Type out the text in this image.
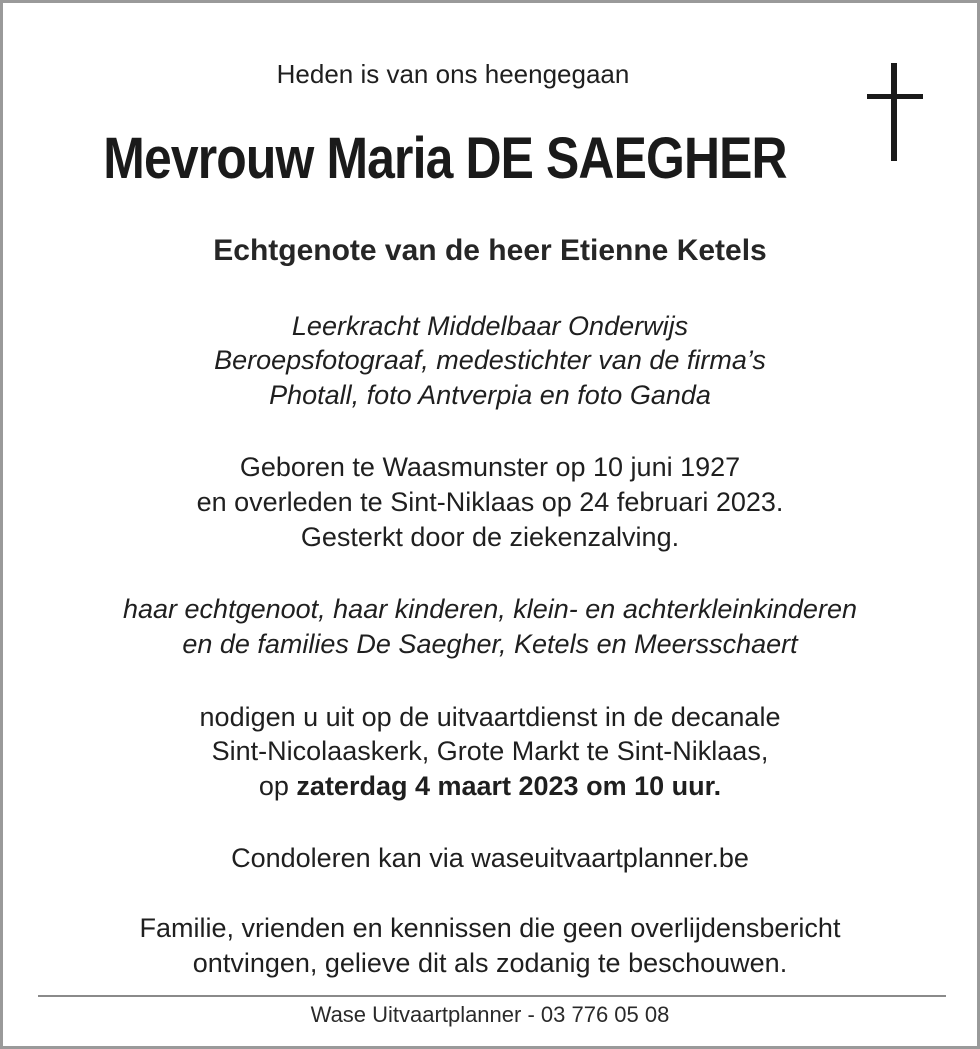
Heden is van ons heengegaan
Mevrouw Maria DE SAEGHER
Echtgenote van de heer Etienne Ketels
Leerkracht Middelbaar Onderwijs
Beroepsfotograaf, medestichter van de firma’s
Photall, foto Antverpia en foto Ganda
Geboren te Waasmunster op 10 juni 1927
en overleden te Sint-Niklaas op 24 februari 2023.
Gesterkt door de ziekenzalving.
haar echtgenoot, haar kinderen, klein- en achterkleinkinderen
en de families De Saegher, Ketels en Meersschaert
nodigen u uit op de uitvaartdienst in de decanale
Sint-Nicolaaskerk, Grote Markt te Sint-Niklaas,
op zaterdag 4 maart 2023 om 10 uur.
Condoleren kan via waseuitvaartplanner.be
Familie, vrienden en kennissen die geen overlijdensbericht
ontvingen, gelieve dit als zodanig te beschouwen.
Wase Uitvaartplanner - 03 776 05 08
